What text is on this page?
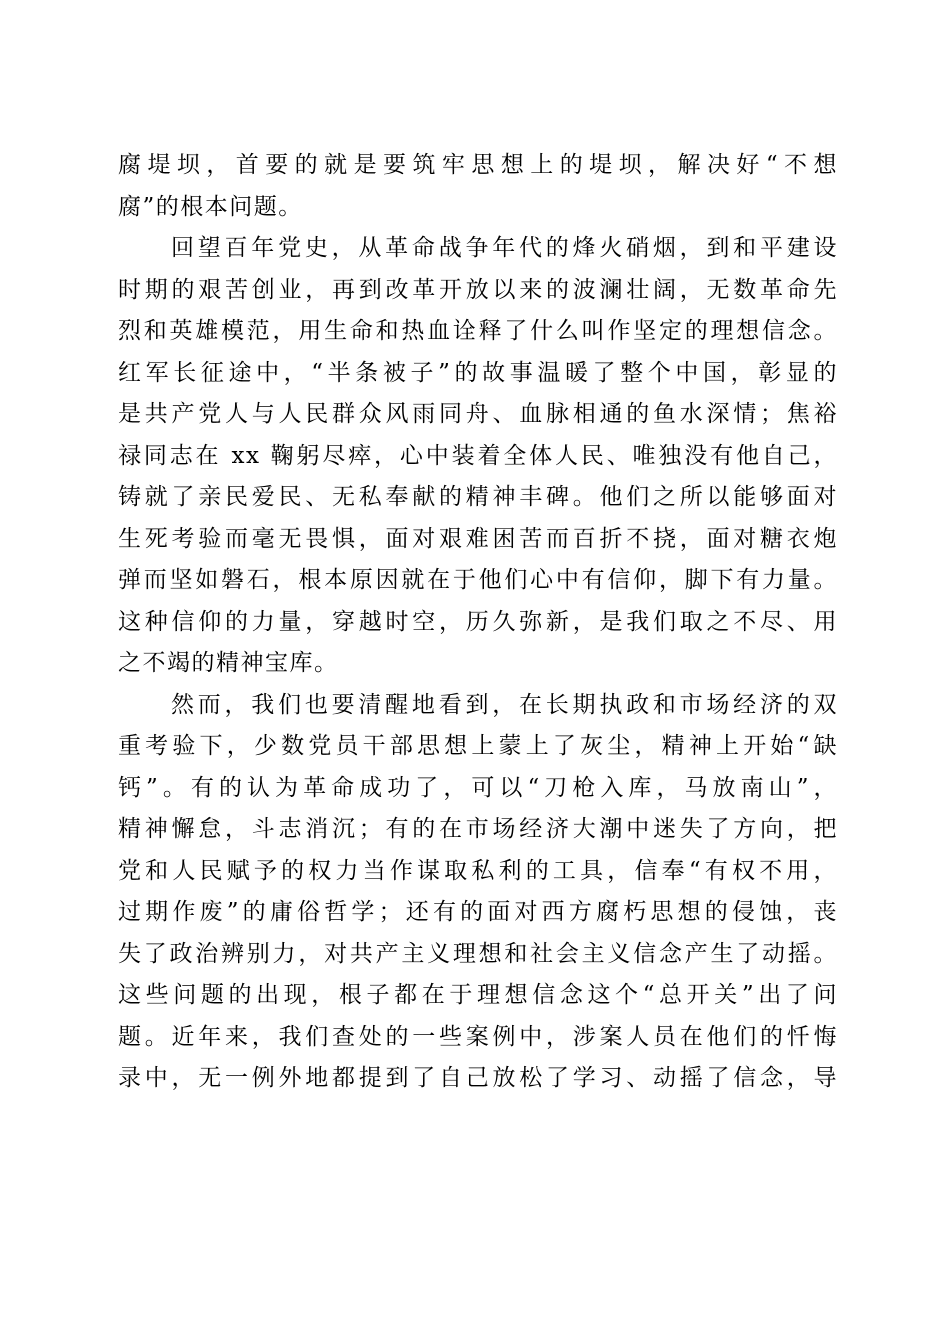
腐堤坝，首要的就是要筑牢思想上的堤坝，解决好“不想
腐”的根本问题。
回望百年党史，从革命战争年代的烽火硝烟，到和平建设
时期的艰苦创业，再到改革开放以来的波澜壮阔，无数革命先
烈和英雄模范，用生命和热血诠释了什么叫作坚定的理想信念。
红军长征途中，“半条被子”的故事温暖了整个中国，彰显的
是共产党人与人民群众风雨同舟、血脉相通的鱼水深情；焦裕
禄同志在 xx 鞠躬尽瘁，心中装着全体人民、唯独没有他自己，
铸就了亲民爱民、无私奉献的精神丰碑。他们之所以能够面对
生死考验而毫无畏惧，面对艰难困苦而百折不挠，面对糖衣炮
弹而坚如磐石，根本原因就在于他们心中有信仰，脚下有力量。
这种信仰的力量，穿越时空，历久弥新，是我们取之不尽、用
之不竭的精神宝库。
然而，我们也要清醒地看到，在长期执政和市场经济的双
重考验下，少数党员干部思想上蒙上了灰尘，精神上开始“缺
钙”。有的认为革命成功了，可以“刀枪入库，马放南山”，
精神懈怠，斗志消沉；有的在市场经济大潮中迷失了方向，把
党和人民赋予的权力当作谋取私利的工具，信奉“有权不用，
过期作废”的庸俗哲学；还有的面对西方腐朽思想的侵蚀，丧
失了政治辨别力，对共产主义理想和社会主义信念产生了动摇。
这些问题的出现，根子都在于理想信念这个“总开关”出了问
题。近年来，我们查处的一些案例中，涉案人员在他们的忏悔
录中，无一例外地都提到了自己放松了学习、动摇了信念，导
